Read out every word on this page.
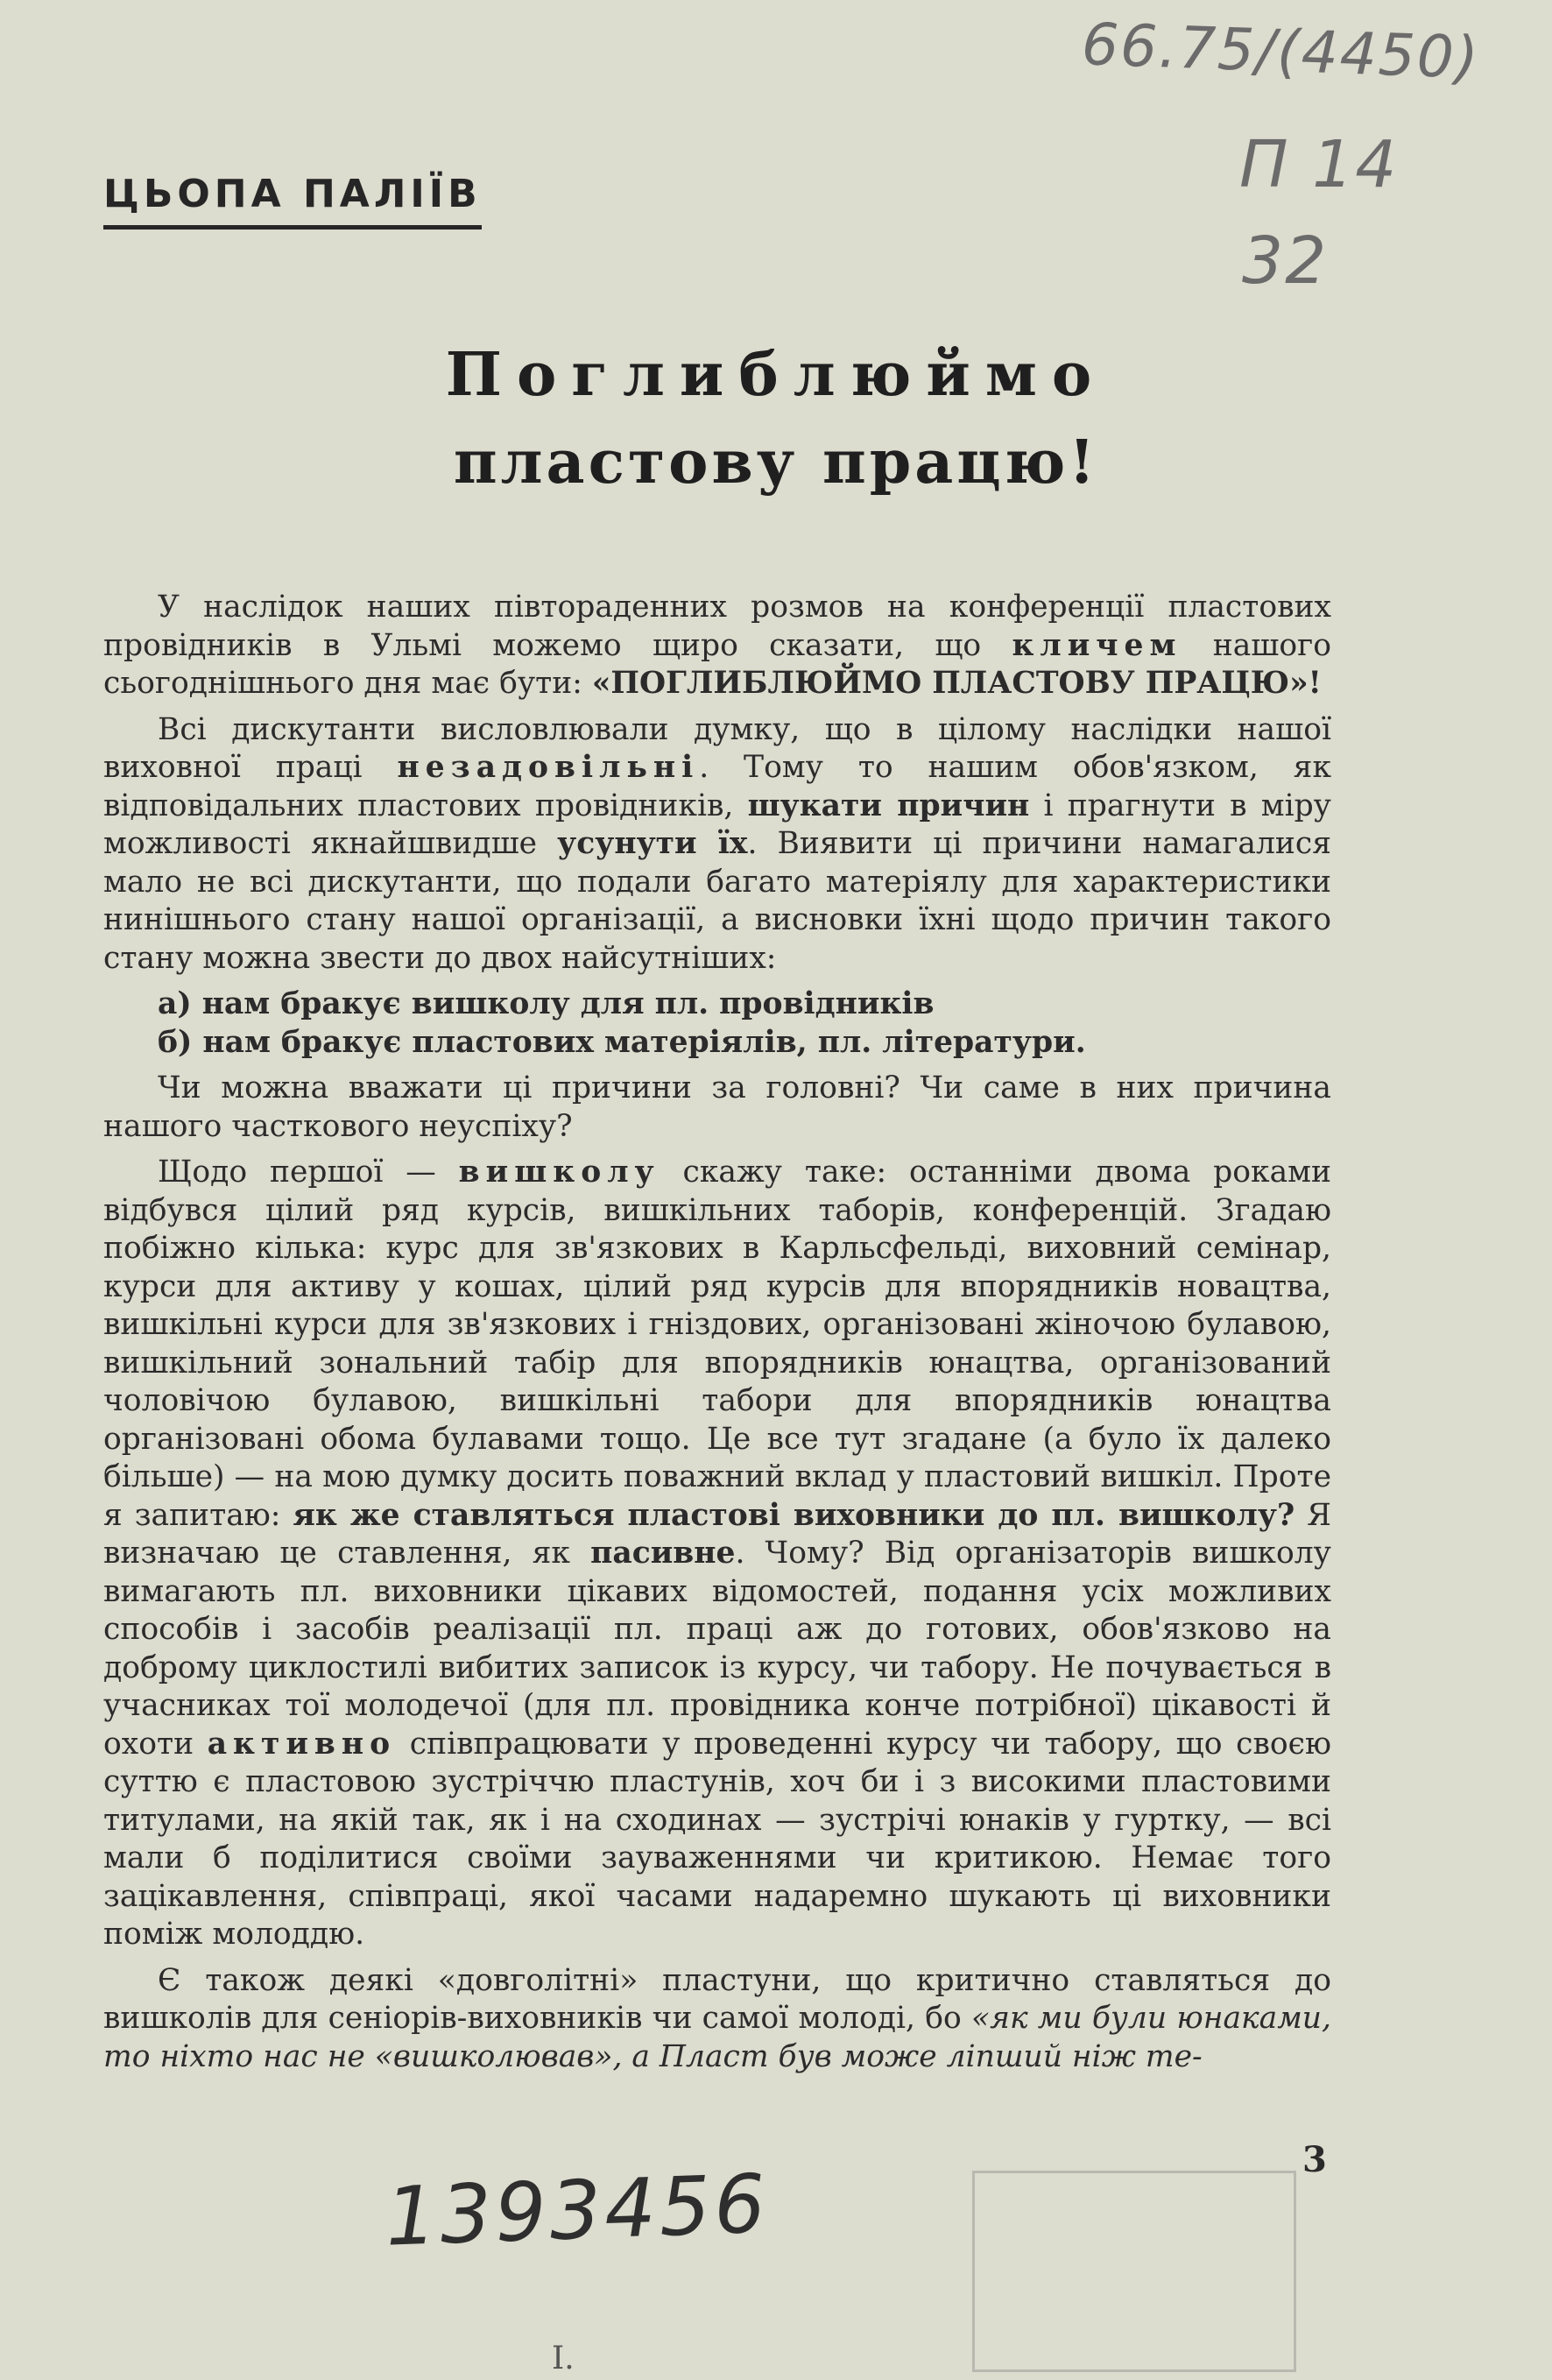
66.75/(4450)
П 14
32
ЦЬОПА ПАЛІЇВ
Поглиблюймо
пластову працю!

У наслідок наших півтораденних розмов на конференції пластових провідників в Ульмі можемо щиро сказати, що кличем нашого сьогоднішнього дня має бути: «ПОГЛИБЛЮЙМО ПЛАСТОВУ ПРАЦЮ»!

Всі дискутанти висловлювали думку, що в цілому наслідки нашої виховної праці незадовільні. Тому то нашим обов'язком, як відповідальних пластових провідників, шукати причин і прагнути в міру можливості якнайшвидше усунути їх. Виявити ці причини намагалися мало не всі дискутанти, що подали багато матеріялу для характеристики нинішнього стану нашої організації, а висновки їхні щодо причин такого стану можна звести до двох найсутніших:

а) нам бракує вишколу для пл. провідників

б) нам бракує пластових матеріялів, пл. літератури.

Чи можна вважати ці причини за головні? Чи саме в них причина нашого часткового неуспіху?

Щодо першої — вишколу скажу таке: останніми двома роками відбувся цілий ряд курсів, вишкільних таборів, конференцій. Згадаю побіжно кілька: курс для зв'язкових в Карльсфельді, виховний семінар, курси для активу у кошах, цілий ряд курсів для впорядників новацтва, вишкільні курси для зв'язкових і гніздових, організовані жіночою булавою, вишкільний зональний табір для впорядників юнацтва, організований чоловічою булавою, вишкільні табори для впорядників юнацтва організовані обома булавами тощо. Це все тут згадане (а було їх далеко більше) — на мою думку досить поважний вклад у пластовий вишкіл. Проте я запитаю: як же ставляться пластові виховники до пл. вишколу? Я визначаю це ставлення, як пасивне. Чому? Від організаторів вишколу вимагають пл. виховники цікавих відомостей, подання усіх можливих способів і засобів реалізації пл. праці аж до готових, обов'язково на доброму циклостилі вибитих записок із курсу, чи табору. Не почувається в учасниках тої молодечої (для пл. провідника конче потрібної) цікавості й охоти активно співпрацювати у проведенні курсу чи табору, що своєю суттю є пластовою зустріччю пластунів, хоч би і з високими пластовими титулами, на якій так, як і на сходинах — зустрічі юнаків у гуртку, — всі мали б поділитися своїми зауваженнями чи критикою. Немає того зацікавлення, співпраці, якої часами надаремно шукають ці виховники поміж молоддю.

Є також деякі «довголітні» пластуни, що критично ставляться до вишколів для сеніорів-виховників чи самої молоді, бо «як ми були юнаками, то ніхто нас не «вишколював», а Пласт був може ліпший ніж те-

3
1393456
I.
